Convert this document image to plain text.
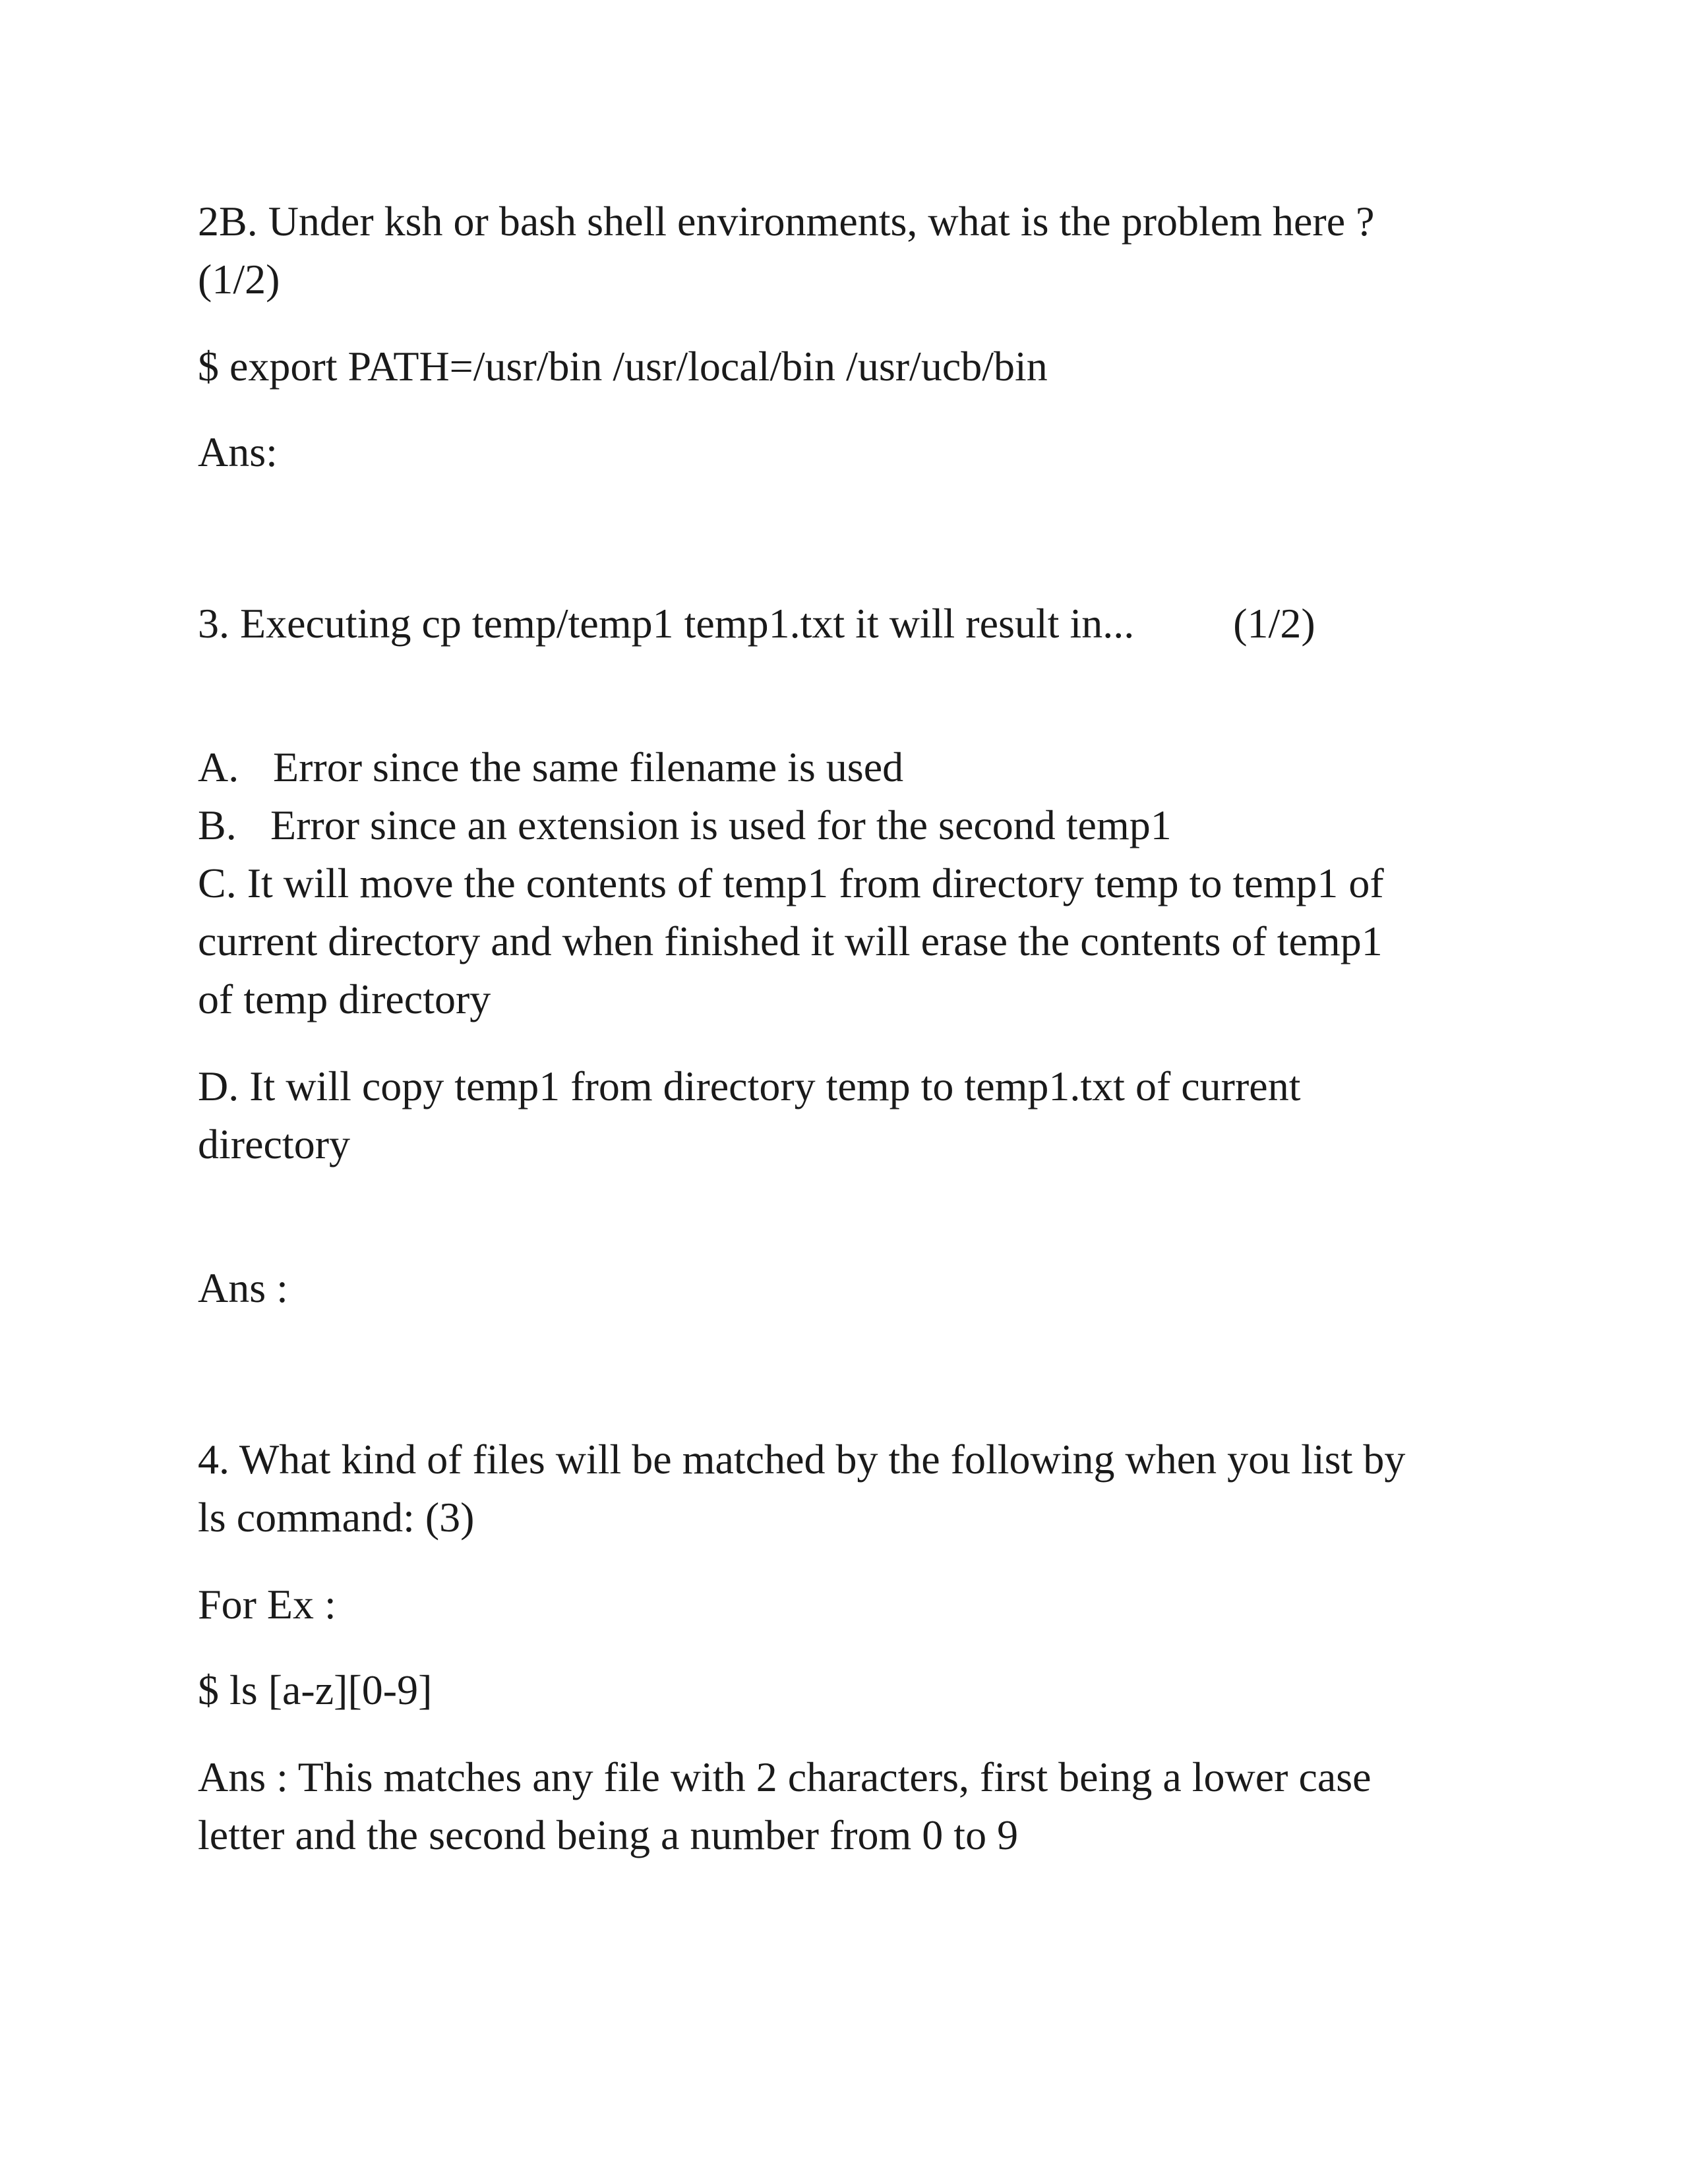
2B. Under ksh or bash shell environments, what is the problem here ?

(1/2)

$ export PATH=/usr/bin /usr/local/bin /usr/ucb/bin

Ans:

3. Executing cp temp/temp1 temp1.txt it will result in... (1/2)

A. Error since the same filename is used

B. Error since an extension is used for the second temp1

C. It will move the contents of temp1 from directory temp to temp1 of

current directory and when finished it will erase the contents of temp1

of temp directory

D. It will copy temp1 from directory temp to temp1.txt of current

directory

Ans :

4. What kind of files will be matched by the following when you list by

ls command: (3)

For Ex :

$ ls [a-z][0-9]

Ans : This matches any file with 2 characters, first being a lower case

letter and the second being a number from 0 to 9
